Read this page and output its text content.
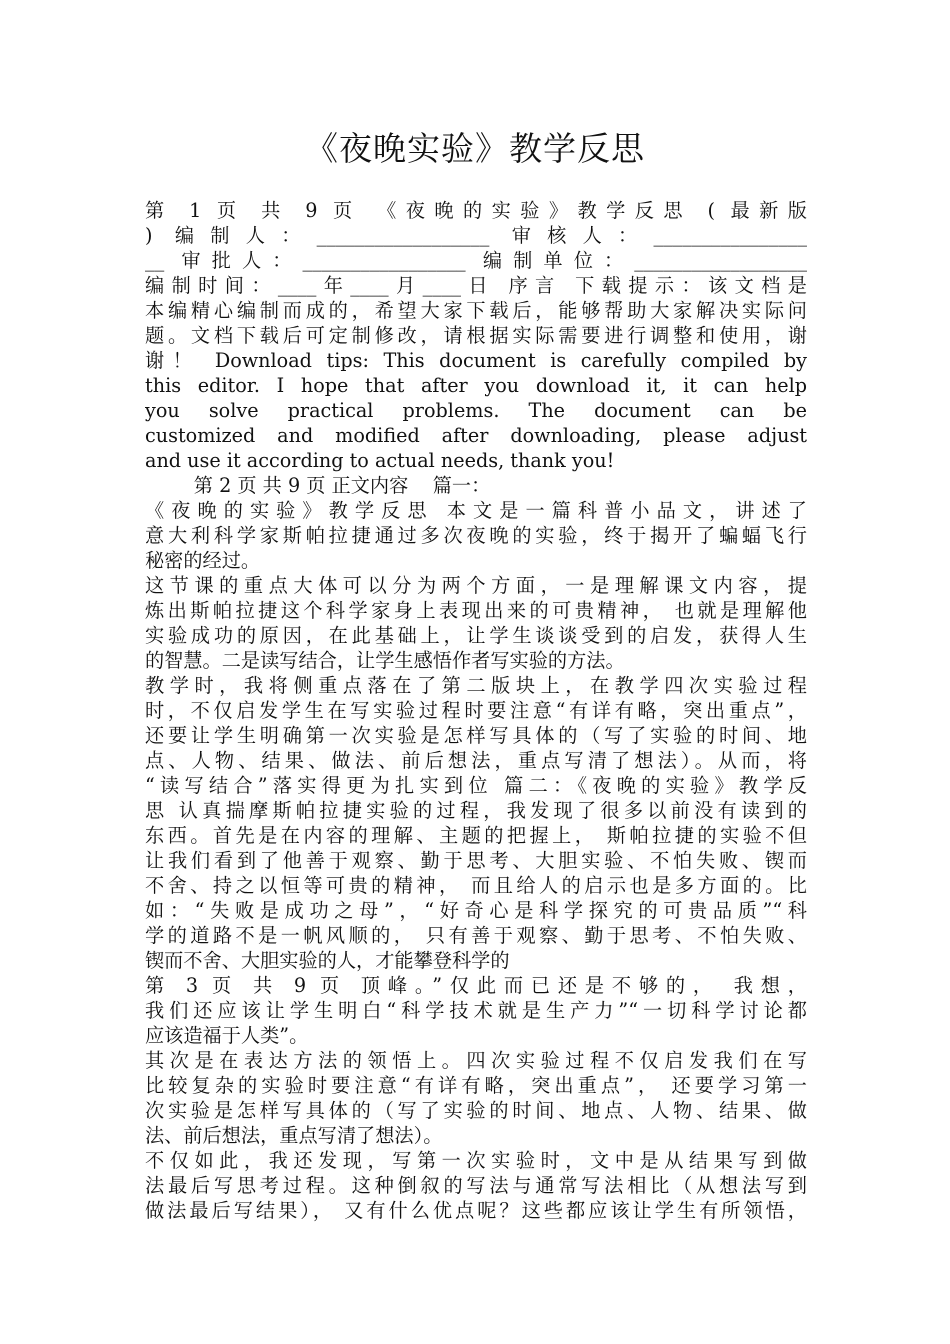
《夜晚实验》教学反思
第 1 页 共 9 页 《夜晚的实验》教学反思 ( 最新版
) 编制人：__________________ 审核人：________________
__ 审批人：_________________ 编制单位：__________________
编制时间：____年____月____日 序言 下载提示：该文档是
本编精心编制而成的，希望大家下载后，能够帮助大家解决实际问
题。文档下载后可定制修改，请根据实际需要进行调整和使用，谢
谢！ Download tips: This document is carefully compiled by
this editor. I hope that after you download it, it can help
you solve practical problems. The document can be
customized and modified after downloading, please adjust
and use it according to actual needs, thank you!
第 2 页 共 9 页 正文内容    篇一：
《夜晚的实验》教学反思 本文是一篇科普小品文，讲述了
意大利科学家斯帕拉捷通过多次夜晚的实验，终于揭开了蝙蝠飞行
秘密的经过。
这节课的重点大体可以分为两个方面，一是理解课文内容，提
炼出斯帕拉捷这个科学家身上表现出来的可贵精神， 也就是理解他
实验成功的原因，在此基础上，让学生谈谈受到的启发，获得人生
的智慧。二是读写结合，让学生感悟作者写实验的方法。
教学时，我将侧重点落在了第二版块上，在教学四次实验过程
时，不仅启发学生在写实验过程时要注意“有详有略，突出重点”，
还要让学生明确第一次实验是怎样写具体的（写了实验的时间、地
点、人物、结果、做法、前后想法，重点写清了想法）。从而，将
“读写结合”落实得更为扎实到位 篇二：《夜晚的实验》教学反
思 认真揣摩斯帕拉捷实验的过程，我发现了很多以前没有读到的
东西。首先是在内容的理解、主题的把握上， 斯帕拉捷的实验不但
让我们看到了他善于观察、勤于思考、大胆实验、不怕失败、锲而
不舍、持之以恒等可贵的精神， 而且给人的启示也是多方面的。比
如：“失败是成功之母”，“好奇心是科学探究的可贵品质”“科
学的道路不是一帆风顺的， 只有善于观察、勤于思考、不怕失败、
锲而不舍、大胆实验的人，才能攀登科学的
第 3 页 共 9 页 顶峰。”仅此而已还是不够的， 我想，
我们还应该让学生明白“科学技术就是生产力”“一切科学讨论都
应该造福于人类”。
其次是在表达方法的领悟上。四次实验过程不仅启发我们在写
比较复杂的实验时要注意“有详有略，突出重点”， 还要学习第一
次实验是怎样写具体的（写了实验的时间、地点、人物、结果、做
法、前后想法，重点写清了想法）。
不仅如此，我还发现，写第一次实验时，文中是从结果写到做
法最后写思考过程。这种倒叙的写法与通常写法相比（从想法写到
做法最后写结果）， 又有什么优点呢？这些都应该让学生有所领悟，
